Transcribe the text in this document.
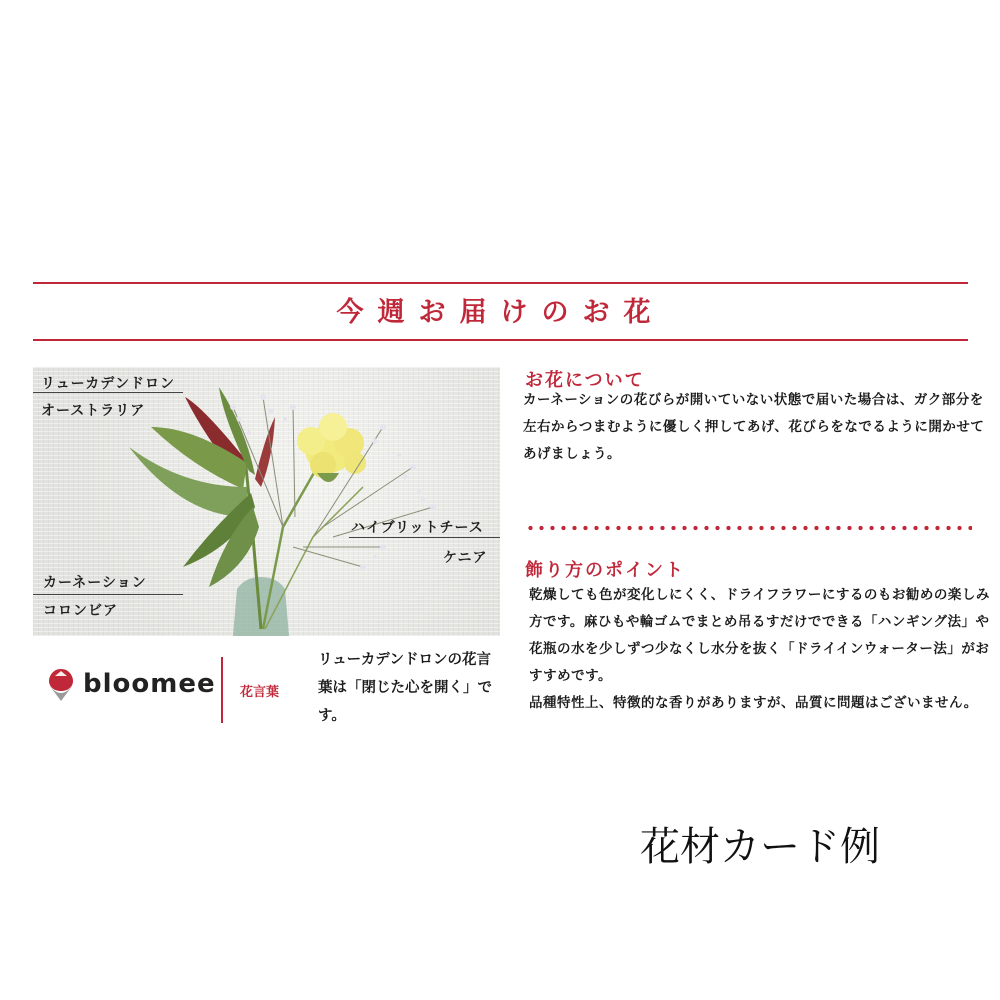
今週お届けのお花
リューカデンドロン
オーストラリア
ハイブリットチース
ケニア
カーネーション
コロンビア
bloomee 花言葉
リューカデンドロンの花言葉は「閉じた心を開く」です。
お花について
カーネーションの花びらが開いていない状態で届いた場合は、ガク部分を左右からつまむように優しく押してあげ、花びらをなでるように開かせてあげましょう。
飾り方のポイント
乾燥しても色が変化しにくく、ドライフラワーにするのもお勧めの楽しみ方です。麻ひもや輪ゴムでまとめ吊るすだけでできる「ハンギング法」や花瓶の水を少しずつ少なくし水分を抜く「ドライインウォーター法」がおすすめです。
品種特性上、特徴的な香りがありますが、品質に問題はございません。
花材カード例
